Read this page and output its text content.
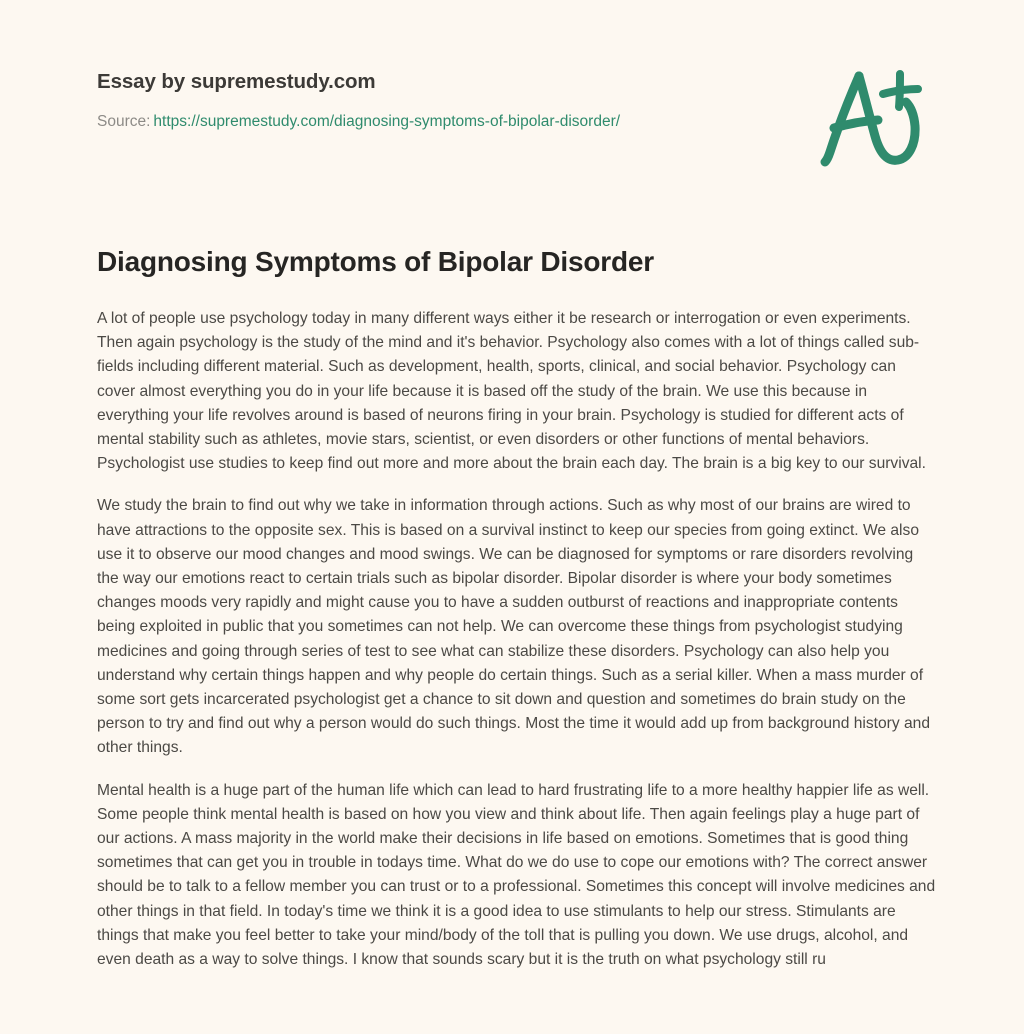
Essay by supremestudy.com
Source: https://supremestudy.com/diagnosing-symptoms-of-bipolar-disorder/
Diagnosing Symptoms of Bipolar Disorder

A lot of people use psychology today in many different ways either it be research or interrogation or even experiments. Then again psychology is the study of the mind and it's behavior. Psychology also comes with a lot of things called sub-fields including different material. Such as development, health, sports, clinical, and social behavior. Psychology can cover almost everything you do in your life because it is based off the study of the brain. We use this because in everything your life revolves around is based of neurons firing in your brain. Psychology is studied for different acts of mental stability such as athletes, movie stars, scientist, or even disorders or other functions of mental behaviors. Psychologist use studies to keep find out more and more about the brain each day. The brain is a big key to our survival.

We study the brain to find out why we take in information through actions. Such as why most of our brains are wired to have attractions to the opposite sex. This is based on a survival instinct to keep our species from going extinct. We also use it to observe our mood changes and mood swings. We can be diagnosed for symptoms or rare disorders revolving the way our emotions react to certain trials such as bipolar disorder. Bipolar disorder is where your body sometimes changes moods very rapidly and might cause you to have a sudden outburst of reactions and inappropriate contents being exploited in public that you sometimes can not help. We can overcome these things from psychologist studying medicines and going through series of test to see what can stabilize these disorders. Psychology can also help you understand why certain things happen and why people do certain things. Such as a serial killer. When a mass murder of some sort gets incarcerated psychologist get a chance to sit down and question and sometimes do brain study on the person to try and find out why a person would do such things. Most the time it would add up from background history and other things.

Mental health is a huge part of the human life which can lead to hard frustrating life to a more healthy happier life as well. Some people think mental health is based on how you view and think about life. Then again feelings play a huge part of our actions. A mass majority in the world make their decisions in life based on emotions. Sometimes that is good thing sometimes that can get you in trouble in todays time. What do we do use to cope our emotions with? The correct answer should be to talk to a fellow member you can trust or to a professional. Sometimes this concept will involve medicines and other things in that field. In today's time we think it is a good idea to use stimulants to help our stress. Stimulants are things that make you feel better to take your mind/body of the toll that is pulling you down. We use drugs, alcohol, and even death as a way to solve things. I know that sounds scary but it is the truth on what psychology still ru
